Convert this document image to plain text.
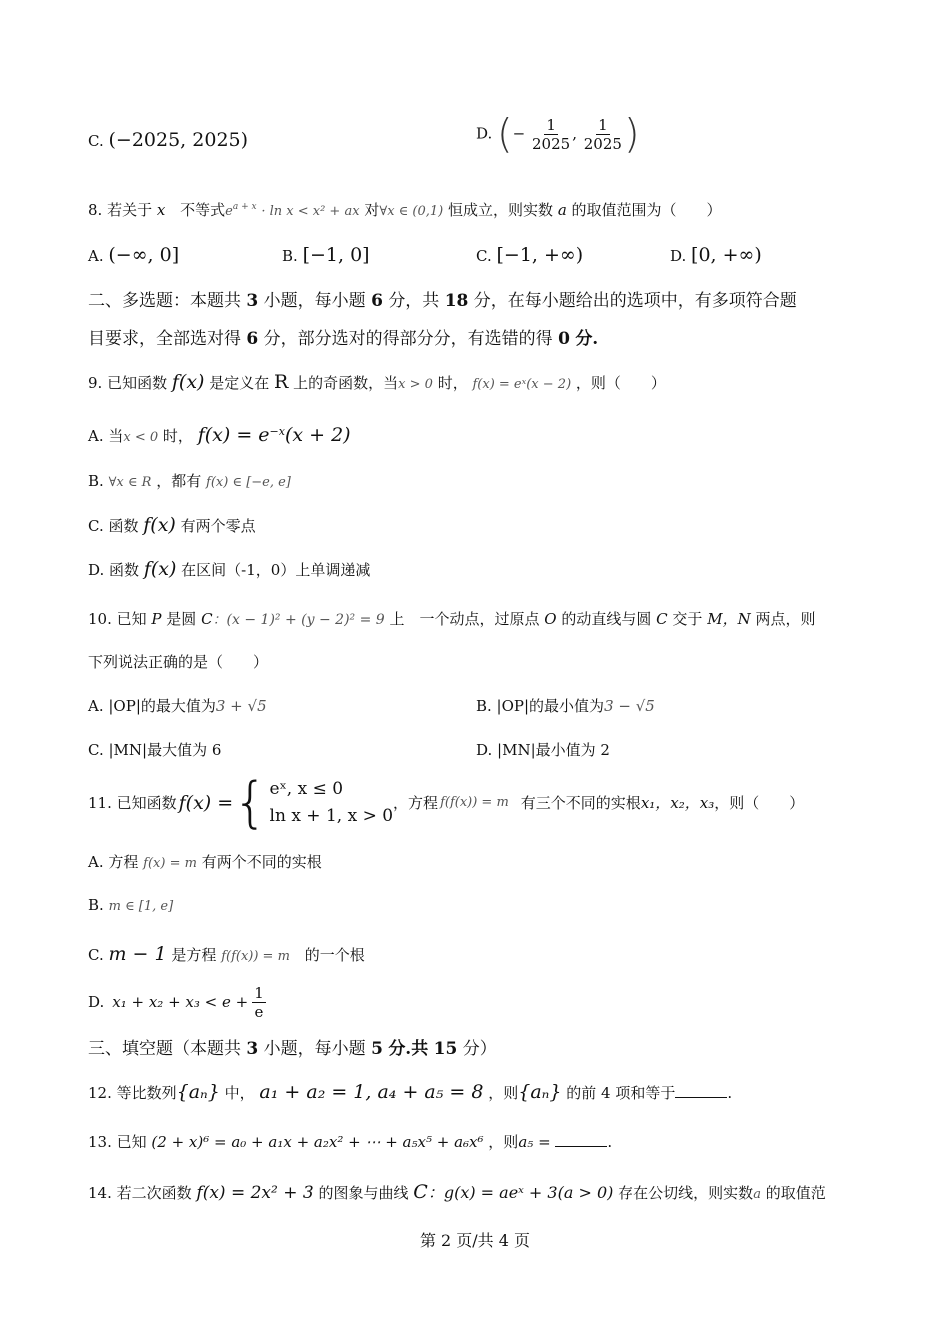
C. (−2025, 2025)	D. (− $\frac{1}{2025}$ , $\frac{1}{2025}$ )
8. 若关于 x 不等式$e^{a + x} \cdot \ln x < x^2$ + ax 对∀x ∈ (0,1) 恒成立，则实数 a 的取值范围为（　　）
A. (−∞, 0]	B. [−1, 0]	C. [−1, +∞)	D. [0, +∞)
二、多选题：本题共 3 小题，每小题 6 分，共 18 分，在每小题给出的选项中，有多项符合题
目要求，全部选对得 6 分，部分选对的得部分分，有选错的得 0 分.
9. 已知函数 f(x) 是定义在 R 上的奇函数，当x > 0 时， f(x) = eˣ(x − 2) ，则（　　）
A. 当x < 0 时， $f(x) = e^{-x}(x + 2)$
B. ∀x ∈ R ，都有 f(x) ∈ [−e, e]
C. 函数 f(x) 有两个零点
D. 函数 f(x) 在区间（-1，0）上单调递减
10. 已知 P 是圆 C：(x − 1)² + (y − 2)² = 9 上　一个动点，过原点 O 的动直线与圆 C 交于 M，N 两点，则
下列说法正确的是（　　）
A. |OP|的最大值为3 + √5	B. |OP|的最小值为3 − √5
C. |MN|最大值为 6	D. |MN|最小值为 2
11. 已知函数 f(x) = { eˣ, x ≤ 0
ln x + 1, x > 0
，方程 f(f(x)) = m 有三个不同的实根 x₁，x₂，x₃ ，则（　　）
A. 方程 f(x) = m 有两个不同的实根
B. m ∈ [1, e]
C. m − 1 是方程 f(f(x)) = m 的一个根
D. $x_1 + x_2 + x_3 < e + \frac{1}{e}$
三、填空题（本题共 3 小题，每小题 5 分.共 15 分）
12. 等比数列{aₙ} 中， a₁ + a₂ = 1, a₄ + a₅ = 8 ，则{aₙ} 的前 4 项和等于	.
13. 已知 (2 + x)⁶ = a₀ + a₁x + a₂x² + ⋯ + a₅x⁵ + a₆x⁶ ，则a₅ =	.
14. 若二次函数 f(x) = 2x² + 3 的图象与曲线 C：g(x) = aeˣ + 3(a > 0) 存在公切线，则实数a 的取值范
第 2 页/共 4 页
